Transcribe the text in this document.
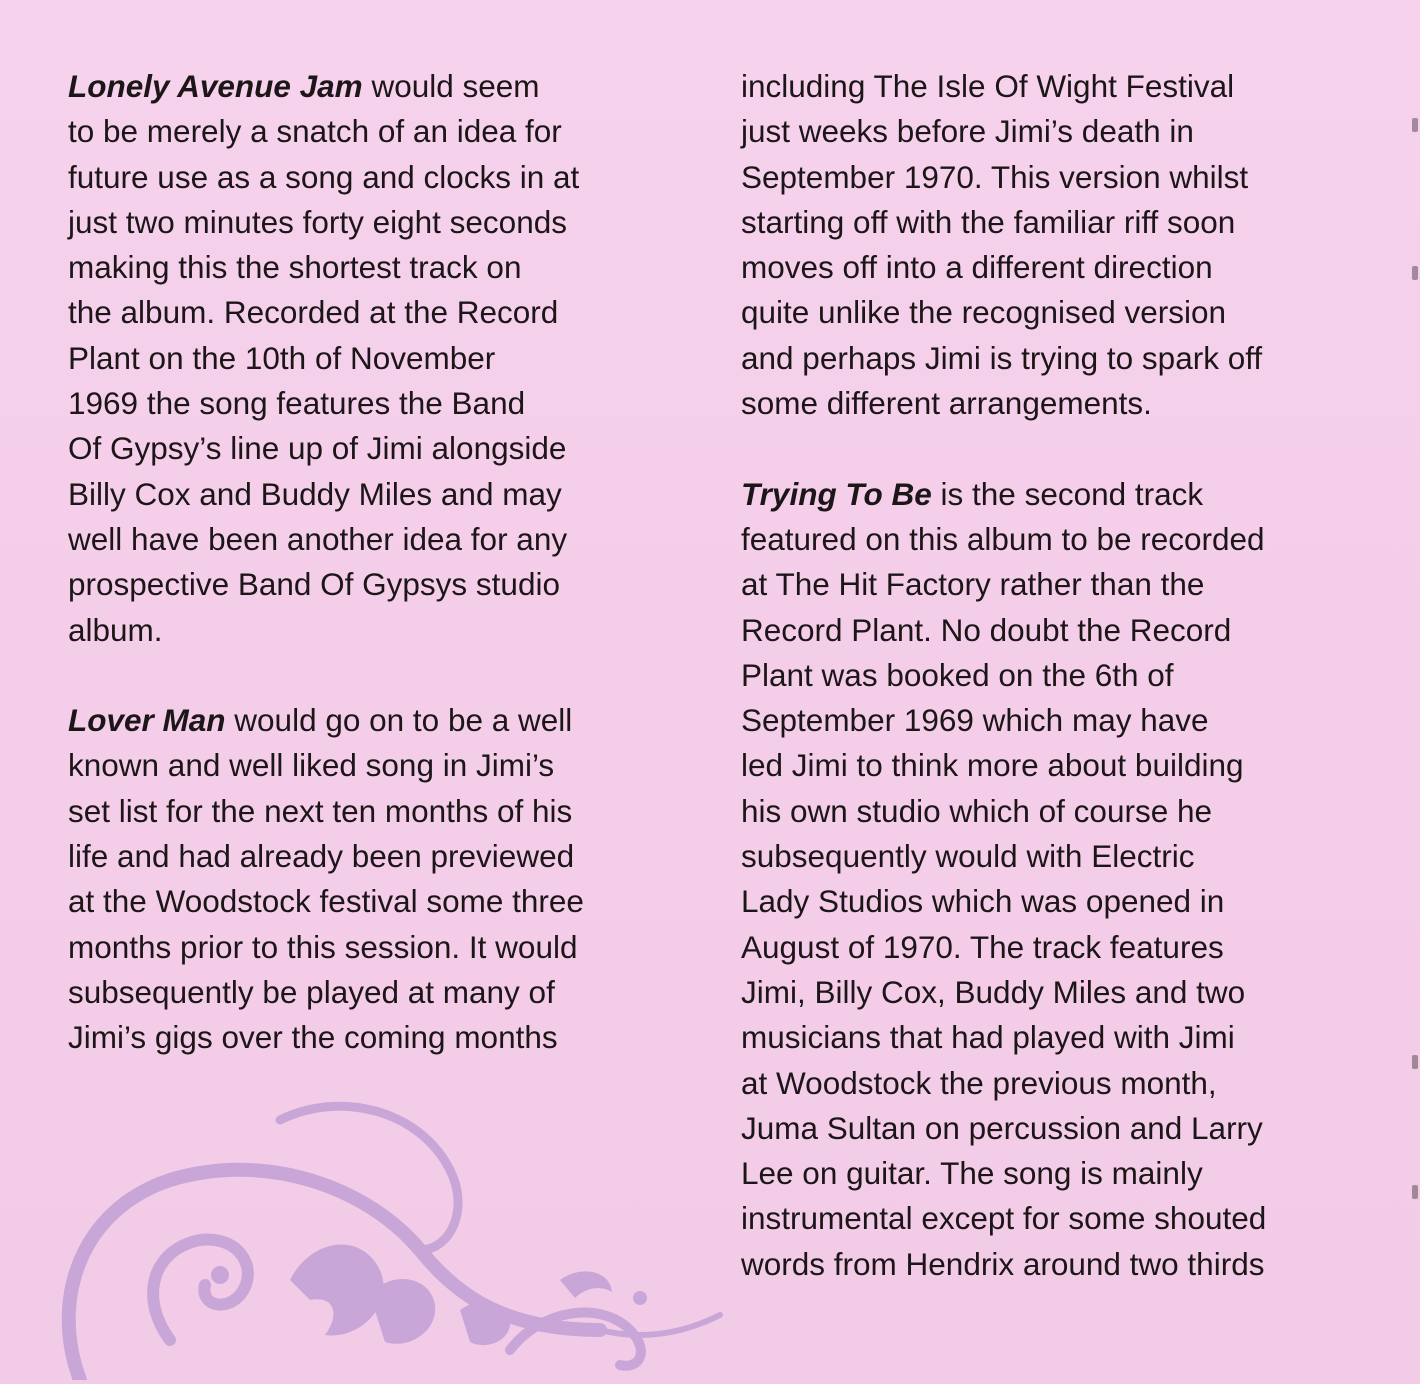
Lonely Avenue Jam would seem
to be merely a snatch of an idea for
future use as a song and clocks in at
just two minutes forty eight seconds
making this the shortest track on
the album. Recorded at the Record
Plant on the 10th of November
1969 the song features the Band
Of Gypsy’s line up of Jimi alongside
Billy Cox and Buddy Miles and may
well have been another idea for any
prospective Band Of Gypsys studio
album.
Lover Man would go on to be a well
known and well liked song in Jimi’s
set list for the next ten months of his
life and had already been previewed
at the Woodstock festival some three
months prior to this session. It would
subsequently be played at many of
Jimi’s gigs over the coming months
including The Isle Of Wight Festival
just weeks before Jimi’s death in
September 1970. This version whilst
starting off with the familiar riff soon
moves off into a different direction
quite unlike the recognised version
and perhaps Jimi is trying to spark off
some different arrangements.
Trying To Be is the second track
featured on this album to be recorded
at The Hit Factory rather than the
Record Plant. No doubt the Record
Plant was booked on the 6th of
September 1969 which may have
led Jimi to think more about building
his own studio which of course he
subsequently would with Electric
Lady Studios which was opened in
August of 1970. The track features
Jimi, Billy Cox, Buddy Miles and two
musicians that had played with Jimi
at Woodstock the previous month,
Juma Sultan on percussion and Larry
Lee on guitar. The song is mainly
instrumental except for some shouted
words from Hendrix around two thirds
